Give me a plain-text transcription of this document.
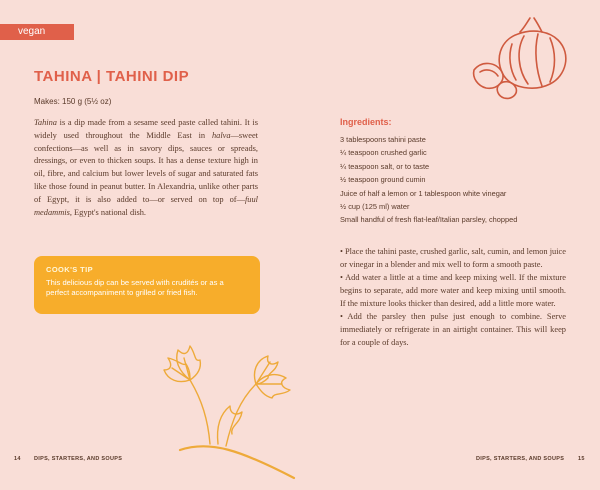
vegan
TAHINA | TAHINI DIP
Makes: 150 g (5½ oz)
Tahina is a dip made from a sesame seed paste called tahini. It is widely used throughout the Middle East in halva—sweet confections—as well as in savory dips, sauces or spreads, dressings, or even to thicken soups. It has a dense texture high in oil, fibre, and calcium but lower levels of sugar and saturated fats like those found in peanut butter. In Alexandria, unlike other parts of Egypt, it is also added to—or served on top of—fuul medammis, Egypt's national dish.
COOK'S TIP
This delicious dip can be served with crudités or as a perfect accompaniment to grilled or fried fish.
Ingredients:
3 tablespoons tahini paste
¼ teaspoon crushed garlic
¼ teaspoon salt, or to taste
½ teaspoon ground cumin
Juice of half a lemon or 1 tablespoon white vinegar
½ cup (125 ml) water
Small handful of fresh flat-leaf/Italian parsley, chopped

• Place the tahini paste, crushed garlic, salt, cumin, and lemon juice or vinegar in a blender and mix well to form a smooth paste.

• Add water a little at a time and keep mixing well. If the mixture begins to separate, add more water and keep mixing until smooth. If the mixture looks thicker than desired, add a little more water.

• Add the parsley then pulse just enough to combine. Serve immediately or refrigerate in an airtight container. This will keep for a couple of days.

14 DIPS, STARTERS, AND SOUPS	DIPS, STARTERS, AND SOUPS	15
